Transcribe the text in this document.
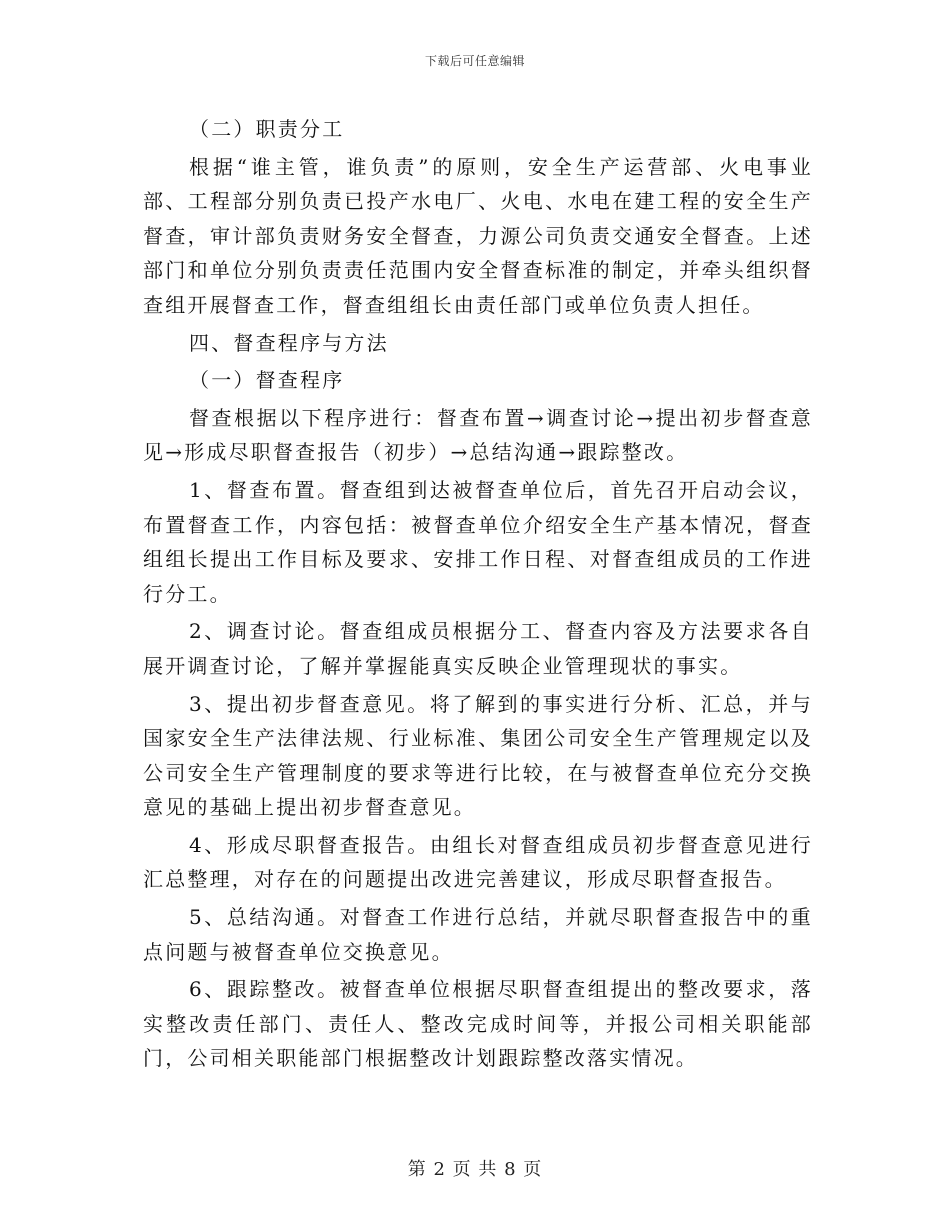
下载后可任意编辑

（二）职责分工

根据“谁主管，谁负责”的原则，安全生产运营部、火电事业部、工程部分别负责已投产水电厂、火电、水电在建工程的安全生产督查，审计部负责财务安全督查，力源公司负责交通安全督查。上述部门和单位分别负责责任范围内安全督查标准的制定，并牵头组织督查组开展督查工作，督查组组长由责任部门或单位负责人担任。

四、督查程序与方法

（一）督查程序

督查根据以下程序进行：督查布置→调查讨论→提出初步督查意见→形成尽职督查报告（初步）→总结沟通→跟踪整改。

1、督查布置。督查组到达被督查单位后，首先召开启动会议，布置督查工作，内容包括：被督查单位介绍安全生产基本情况，督查组组长提出工作目标及要求、安排工作日程、对督查组成员的工作进行分工。

2、调查讨论。督查组成员根据分工、督查内容及方法要求各自展开调查讨论，了解并掌握能真实反映企业管理现状的事实。

3、提出初步督查意见。将了解到的事实进行分析、汇总，并与国家安全生产法律法规、行业标准、集团公司安全生产管理规定以及公司安全生产管理制度的要求等进行比较，在与被督查单位充分交换意见的基础上提出初步督查意见。

4、形成尽职督查报告。由组长对督查组成员初步督查意见进行汇总整理，对存在的问题提出改进完善建议，形成尽职督查报告。

5、总结沟通。对督查工作进行总结，并就尽职督查报告中的重点问题与被督查单位交换意见。

6、跟踪整改。被督查单位根据尽职督查组提出的整改要求，落实整改责任部门、责任人、整改完成时间等，并报公司相关职能部门，公司相关职能部门根据整改计划跟踪整改落实情况。

第 2 页 共 8 页
